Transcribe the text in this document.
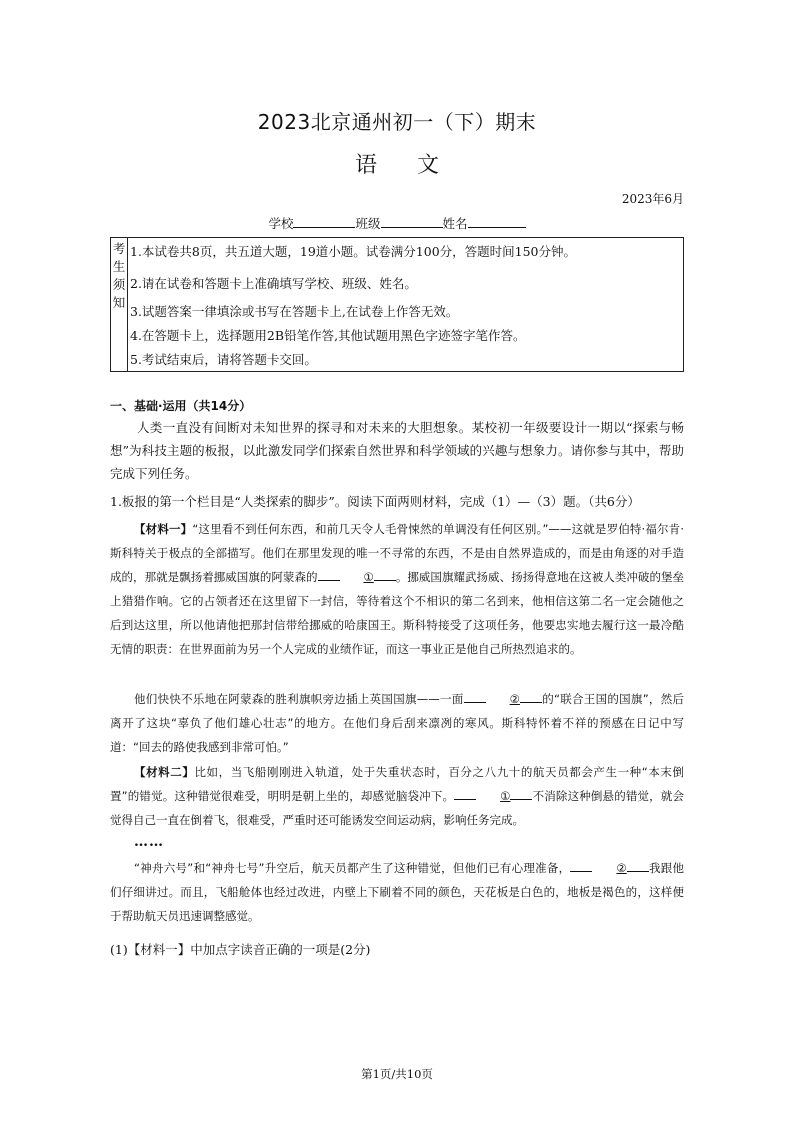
2023北京通州初一（下）期末
语文
2023年6月
学校	班级	姓名
考
生
须
知
1.本试卷共8页，共五道大题，19道小题。试卷满分100分，答题时间150分钟。
2.请在试卷和答题卡上准确填写学校、班级、姓名。
3.试题答案一律填涂或书写在答题卡上,在试卷上作答无效。
4.在答题卡上，选择题用2B铅笔作答,其他试题用黑色字迹签字笔作答。
5.考试结束后，请将答题卡交回。
一、基础·运用（共14分）
人类一直没有间断对未知世界的探寻和对未来的大胆想象。某校初一年级要设计一期以“探索与畅想”为科技主题的板报，以此激发同学们探索自然世界和科学领域的兴趣与想象力。请你参与其中，帮助完成下列任务。
1.板报的第一个栏目是“人类探索的脚步”。阅读下面两则材料，完成（1）—（3）题。（共6分）
【材料一】“这里看不到任何东西，和前几天令人毛骨悚然的单调没有任何区别。”——这就是罗伯特·福尔肯·斯科特关于极点的全部描写。他们在那里发现的唯一不寻常的东西，不是由自然界造成的，而是由角逐的对手造成的，那就是飘扬着挪威国旗的阿蒙森的	① 。挪威国旗耀武扬威、扬扬得意地在这被人类冲破的堡垒上猎猎作响。它的占领者还在这里留下一封信，等待着这个不相识的第二名到来，他相信这第二名一定会随他之后到达这里，所以他请他把那封信带给挪威的哈康国王。斯科特接受了这项任务，他要忠实地去履行这一最冷酷无情的职责：在世界面前为另一个人完成的业绩作证，而这一事业正是他自己所热烈追求的。
他们快快不乐地在阿蒙森的胜利旗帜旁边插上英国国旗——一面	② 的“联合王国的国旗”，然后离开了这块“辜负了他们雄心壮志”的地方。在他们身后刮来凛冽的寒风。斯科特怀着不祥的预感在日记中写道：“回去的路使我感到非常可怕。”
【材料二】比如，当飞船刚刚进入轨道，处于失重状态时，百分之八九十的航天员都会产生一种“本末倒置”的错觉。这种错觉很难受，明明是朝上坐的，却感觉脑袋冲下。	① 不消除这种倒悬的错觉，就会觉得自己一直在倒着飞，很难受，严重时还可能诱发空间运动病，影响任务完成。
……
“神舟六号”和“神舟七号”升空后，航天员都产生了这种错觉，但他们已有心理准备，	② 我跟他们仔细讲过。而且，飞船舱体也经过改进，内壁上下刷着不同的颜色，天花板是白色的，地板是褐色的，这样便于帮助航天员迅速调整感觉。
(1)【材料一】中加点字读音正确的一项是(2分)
第1页/共10页
